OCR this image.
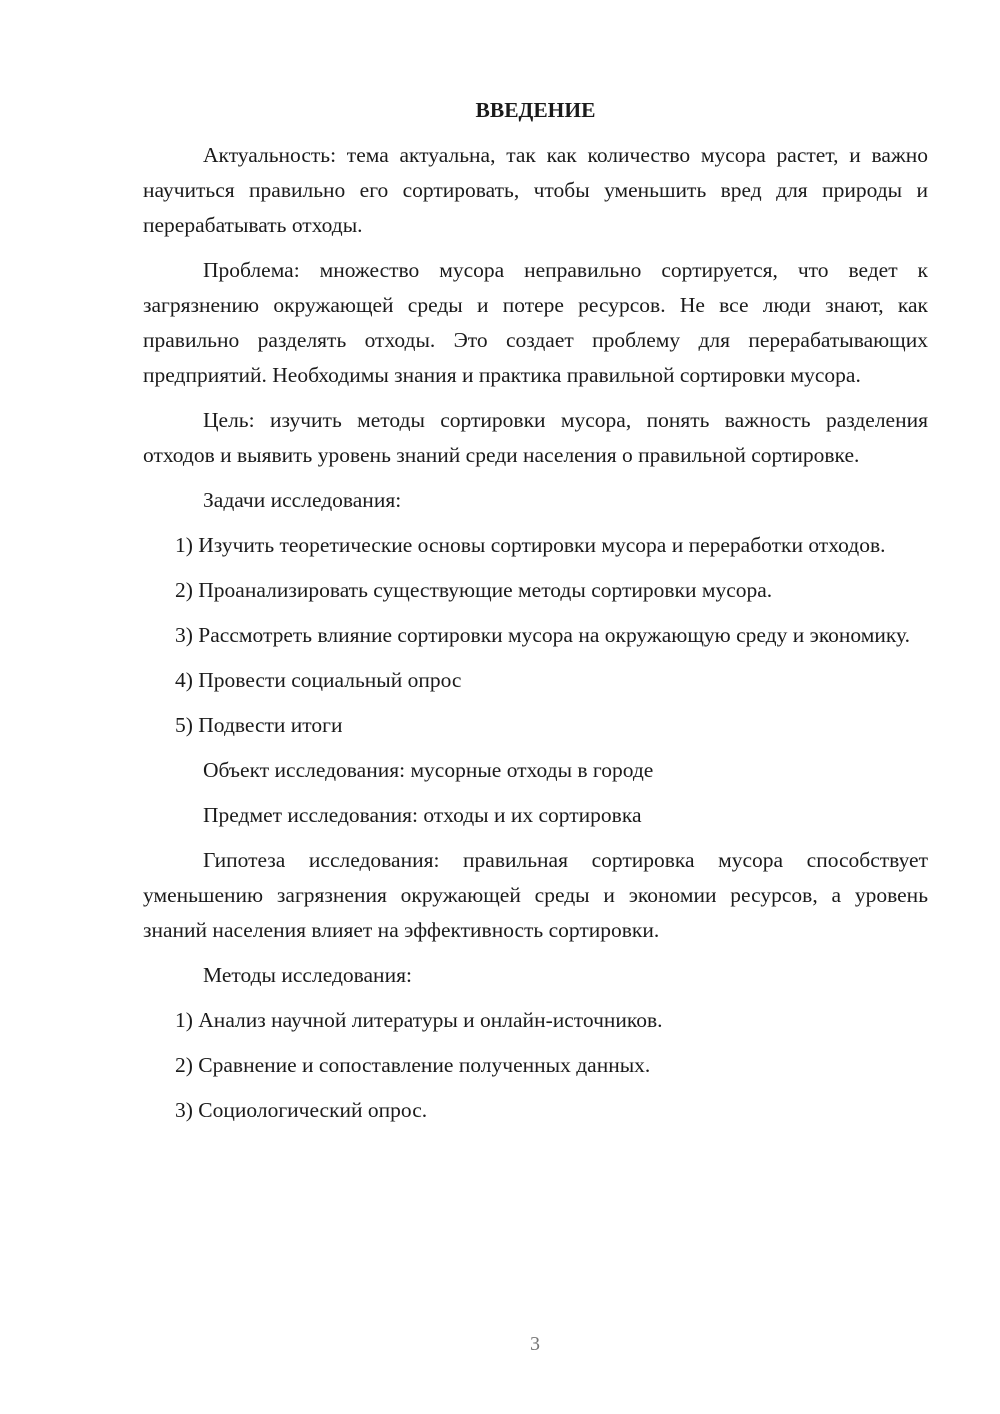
ВВЕДЕНИЕ

Актуальность: тема актуальна, так как количество мусора растет, и важно научиться правильно его сортировать, чтобы уменьшить вред для природы и перерабатывать отходы.

Проблема: множество мусора неправильно сортируется, что ведет к загрязнению окружающей среды и потере ресурсов. Не все люди знают, как правильно разделять отходы. Это создает проблему для перерабатывающих предприятий. Необходимы знания и практика правильной сортировки мусора.

Цель: изучить методы сортировки мусора, понять важность разделения отходов и выявить уровень знаний среди населения о правильной сортировке.

Задачи исследования:

1) Изучить теоретические основы сортировки мусора и переработки отходов.

2) Проанализировать существующие методы сортировки мусора.

3) Рассмотреть влияние сортировки мусора на окружающую среду и экономику.

4) Провести социальный опрос

5) Подвести итоги

Объект исследования: мусорные отходы в городе

Предмет исследования: отходы и их сортировка

Гипотеза исследования: правильная сортировка мусора способствует уменьшению загрязнения окружающей среды и экономии ресурсов, а уровень знаний населения влияет на эффективность сортировки.

Методы исследования:

1) Анализ научной литературы и онлайн-источников.

2) Сравнение и сопоставление полученных данных.

3) Социологический опрос.

3
